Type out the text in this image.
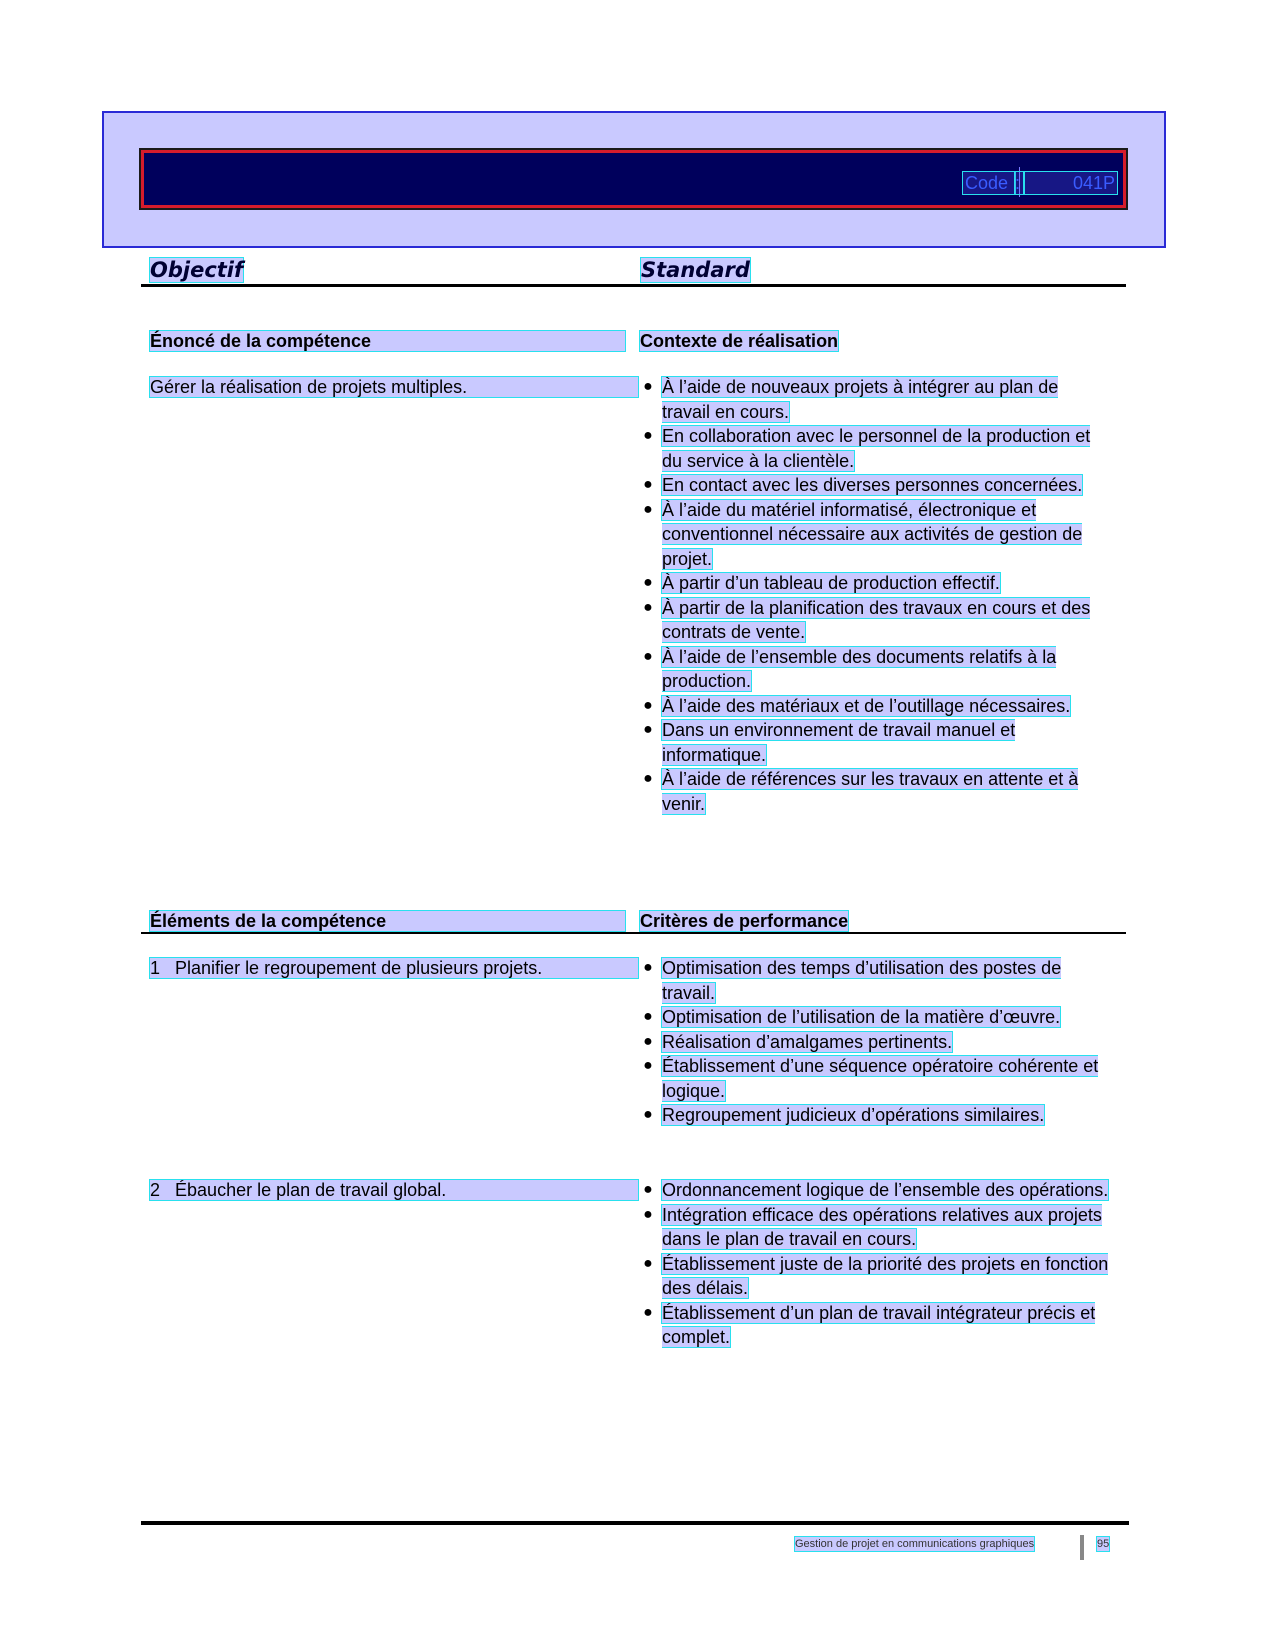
Code :	041P
Objectif	Standard
Énoncé de la compétence	Contexte de réalisation
Gérer la réalisation de projets multiples.	● À l’aide de nouveaux projets à intégrer au plan de travail en cours.
● En collaboration avec le personnel de la production et du service à la clientèle.
● En contact avec les diverses personnes concernées.
● À l’aide du matériel informatisé, électronique et conventionnel nécessaire aux activités de gestion de projet.
● À partir d’un tableau de production effectif.
● À partir de la planification des travaux en cours et des contrats de vente.
● À l’aide de l’ensemble des documents relatifs à la production.
● À l’aide des matériaux et de l’outillage nécessaires.
● Dans un environnement de travail manuel et informatique.
● À l’aide de références sur les travaux en attente et à venir.
Éléments de la compétence	Critères de performance
1 Planifier le regroupement de plusieurs projets.	● Optimisation des temps d’utilisation des postes de travail.
● Optimisation de l’utilisation de la matière d’œuvre.
● Réalisation d’amalgames pertinents.
● Établissement d’une séquence opératoire cohérente et logique.
● Regroupement judicieux d’opérations similaires.
2 Ébaucher le plan de travail global.	● Ordonnancement logique de l’ensemble des opérations.
● Intégration efficace des opérations relatives aux projets dans le plan de travail en cours.
● Établissement juste de la priorité des projets en fonction des délais.
● Établissement d’un plan de travail intégrateur précis et complet.
Gestion de projet en communications graphiques	95
